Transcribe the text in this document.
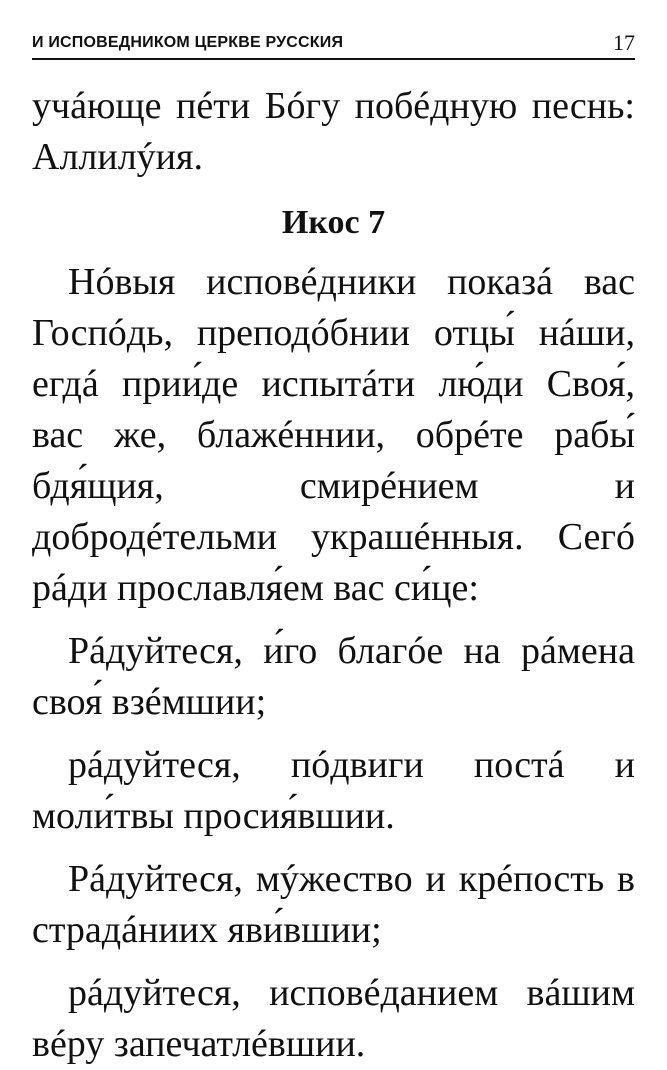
И ИСПОВЕДНИКОМ ЦЕРКВЕ РУССКИЯ	17

учáюще пéти Бóгу побéдную песнь: Аллилýия.

Икос 7

Нóвыя исповéдники показá вас Госпóдь, преподóбнии отцы́ нáши, егдá прии́де испытáти лю́ди Своя́, вас же, блажéннии, обрéте рабы́ бдя́щия, смирéнием и добродéтельми украшéнныя. Сегó рáди прославля́ем вас си́це:

Рáдуйтеся, и́го благóе на рáмена своя́ взéмшии;

рáдуйтеся, пóдвиги постá и моли́твы просия́вшии.

Рáдуйтеся, мýжество и крéпость в страдáниих яви́вшии;

рáдуйтеся, исповéданием вáшим вéру запечатлéвшии.
